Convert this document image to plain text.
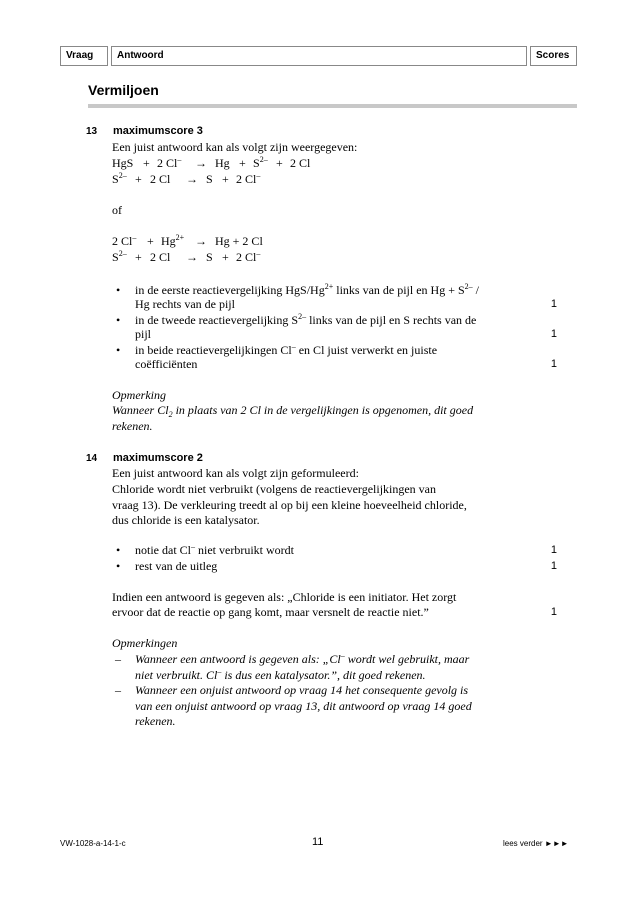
Vraag	Antwoord	Scores
Vermiljoen
13 maximumscore 3
Een juist antwoord kan als volgt zijn weergegeven:
HgS + 2 $Cl^- \to Hg + S^{2-} + 2$ Cl
$S^{2-} + 2$ Cl → S + 2 Cl–
of
2 $Cl^- + Hg^{2+} \to Hg + 2$ Cl
$S^{2-} + 2$ Cl → S + 2 Cl–
• in de eerste reactievergelijking HgS/$Hg^{2+}$ links van de pijl en $Hg + S^{2-}$ /
Hg rechts van de pijl	1
• in de tweede reactievergelijking $S^{2-}$ links van de pijl en S rechts van de
pijl	1
• in beide reactievergelijkingen Cl– en Cl juist verwerkt en juiste
coëfficiënten	1
Opmerking
Wanneer $Cl_2$ in plaats van 2 Cl in de vergelijkingen is opgenomen, dit goed
rekenen.
14 maximumscore 2
Een juist antwoord kan als volgt zijn geformuleerd:
Chloride wordt niet verbruikt (volgens de reactievergelijkingen van
vraag 13). De verkleuring treedt al op bij een kleine hoeveelheid chloride,
dus chloride is een katalysator.
• notie dat Cl– niet verbruikt wordt	1
• rest van de uitleg	1
Indien een antwoord is gegeven als: „Chloride is een initiator. Het zorgt
ervoor dat de reactie op gang komt, maar versnelt de reactie niet.”	1
Opmerkingen
– Wanneer een antwoord is gegeven als: „Cl– wordt wel gebruikt, maar
niet verbruikt. Cl– is dus een katalysator.”, dit goed rekenen.
– Wanneer een onjuist antwoord op vraag 14 het consequente gevolg is
van een onjuist antwoord op vraag 13, dit antwoord op vraag 14 goed
rekenen.
VW-1028-a-14-1-c	11	lees verder ►►►
